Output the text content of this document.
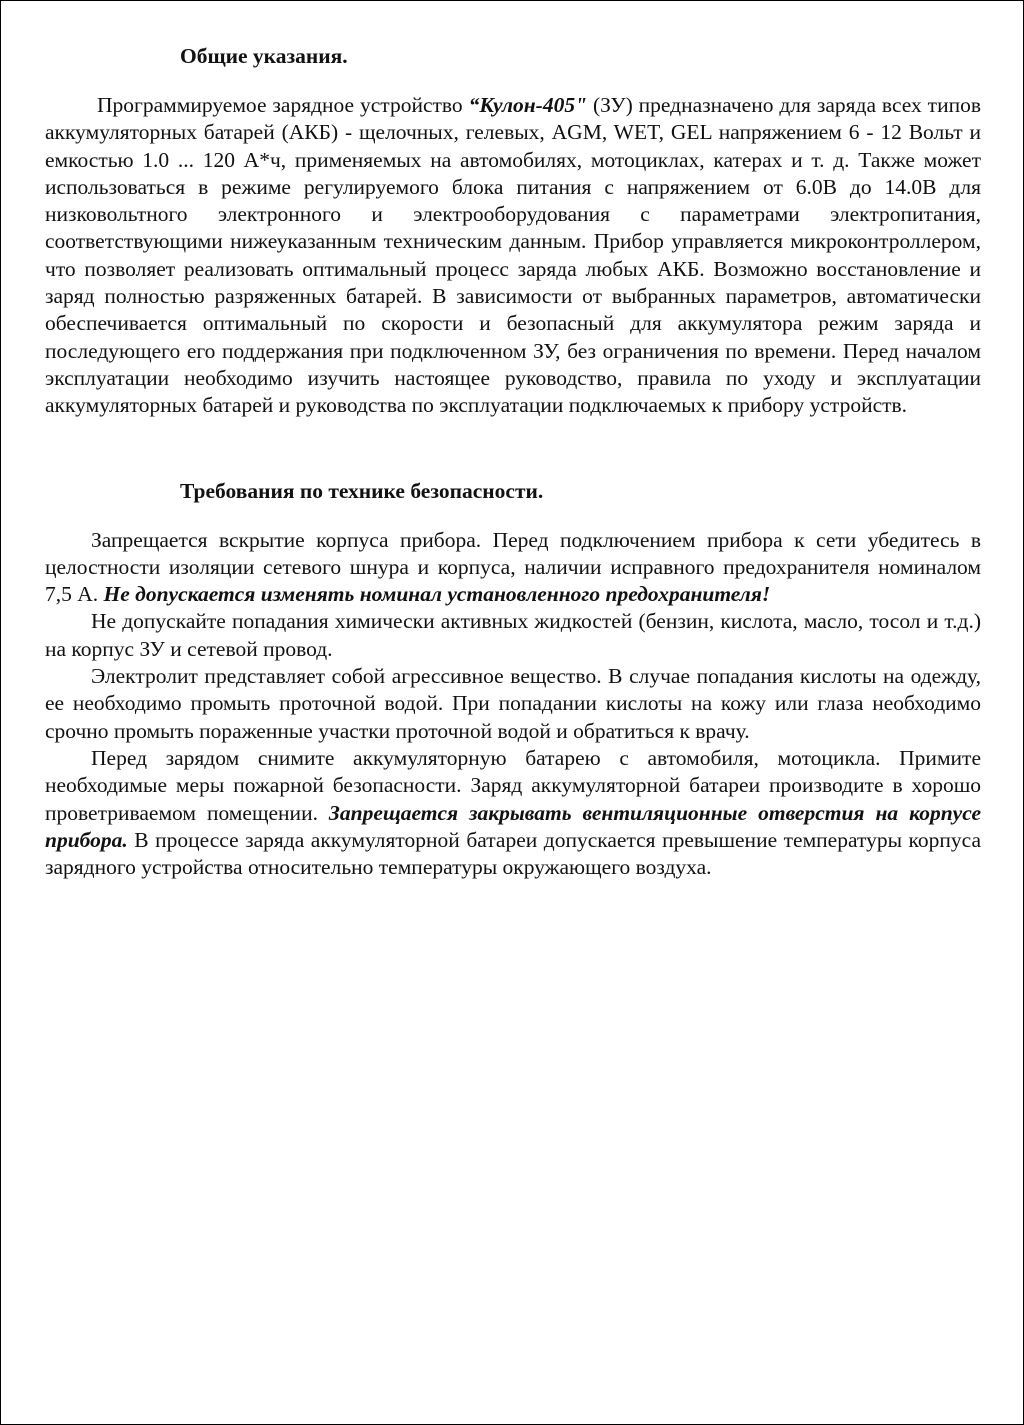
Общие указания.

Программируемое зарядное устройство “Кулон-405" (ЗУ) предназначено для заряда всех типов аккумуляторных батарей (АКБ) - щелочных, гелевых, AGM, WET, GEL напряжением 6 - 12 Вольт и емкостью 1.0 ... 120 А*ч, применяемых на автомобилях, мотоциклах, катерах и т. д. Также может использоваться в режиме регулируемого блока питания с напряжением от 6.0В до 14.0В для низковольтного электронного и электрооборудования с параметрами электропитания, соответствующими нижеуказанным техническим данным. Прибор управляется микроконтроллером, что позволяет реализовать оптимальный процесс заряда любых АКБ. Возможно восстановление и заряд полностью разряженных батарей. В зависимости от выбранных параметров, автоматически обеспечивается оптимальный по скорости и безопасный для аккумулятора режим заряда и последующего его поддержания при подключенном ЗУ, без ограничения по времени. Перед началом эксплуатации необходимо изучить настоящее руководство, правила по уходу и эксплуатации аккумуляторных батарей и руководства по эксплуатации подключаемых к прибору устройств.

Требования по технике безопасности.

Запрещается вскрытие корпуса прибора. Перед подключением прибора к сети убедитесь в целостности изоляции сетевого шнура и корпуса, наличии исправного предохранителя номиналом 7,5 А. Не допускается изменять номинал установленного предохранителя!

Не допускайте попадания химически активных жидкостей (бензин, кислота, масло, тосол и т.д.) на корпус ЗУ и сетевой провод.

Электролит представляет собой агрессивное вещество. В случае попадания кислоты на одежду, ее необходимо промыть проточной водой. При попадании кислоты на кожу или глаза необходимо срочно промыть пораженные участки проточной водой и обратиться к врачу.

Перед зарядом снимите аккумуляторную батарею с автомобиля, мотоцикла. Примите необходимые меры пожарной безопасности. Заряд аккумуляторной батареи производите в хорошо проветриваемом помещении. Запрещается закрывать вентиляционные отверстия на корпусе прибора. В процессе заряда аккумуляторной батареи допускается превышение температуры корпуса зарядного устройства относительно температуры окружающего воздуха.
